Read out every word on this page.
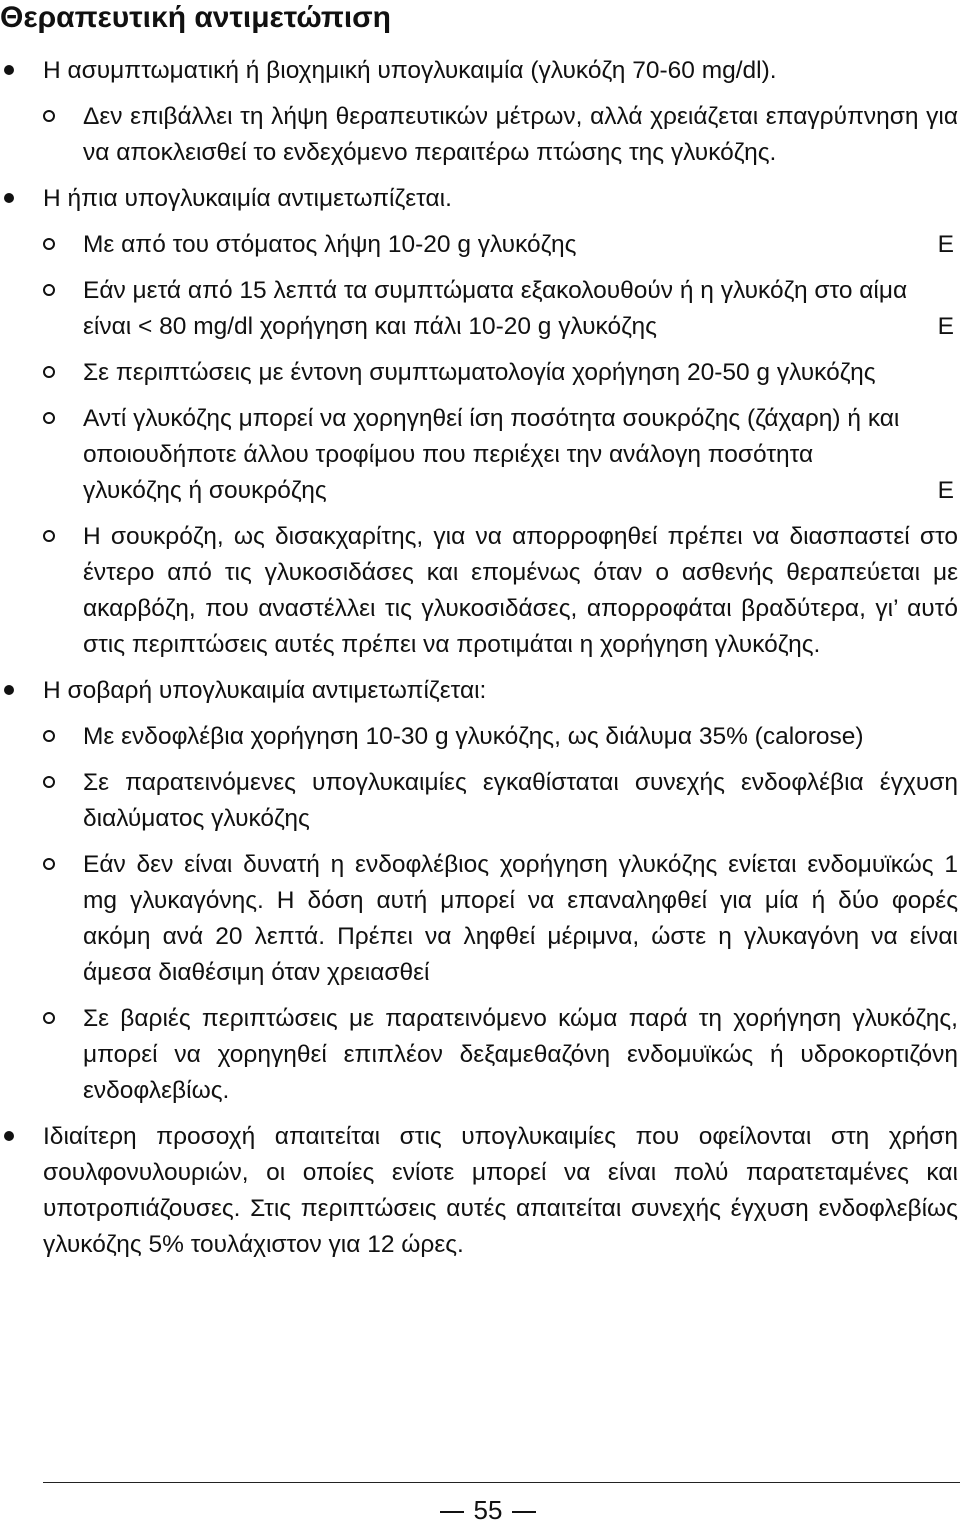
Θεραπευτική αντιμετώπιση
Η ασυμπτωματική ή βιοχημική υπογλυκαιμία (γλυκόζη 70-60 mg/dl).
Δεν επιβάλλει τη λήψη θεραπευτικών μέτρων, αλλά χρειάζεται επαγρύπνηση για να αποκλεισθεί το ενδεχόμενο περαιτέρω πτώσης της γλυκόζης.
Η ήπια υπογλυκαιμία αντιμετωπίζεται.
Με από του στόματος λήψη 10-20 g γλυκόζης	Ε
Εάν μετά από 15 λεπτά τα συμπτώματα εξακολουθούν ή η γλυκόζη στο αίμα είναι < 80 mg/dl χορήγηση και πάλι 10-20 g γλυκόζης	Ε
Σε περιπτώσεις με έντονη συμπτωματολογία χορήγηση 20-50 g γλυκόζης
Αντί γλυκόζης μπορεί να χορηγηθεί ίση ποσότητα σουκρόζης (ζάχαρη) ή και οποιουδήποτε άλλου τροφίμου που περιέχει την ανάλογη ποσότητα γλυκόζης ή σουκρόζης	Ε
Η σουκρόζη, ως δισακχαρίτης, για να απορροφηθεί πρέπει να διασπαστεί στο έντερο από τις γλυκοσιδάσες και επομένως όταν ο ασθενής θεραπεύεται με ακαρβόζη, που αναστέλλει τις γλυκοσιδάσες, απορροφάται βραδύτερα, γι’ αυτό στις περιπτώσεις αυτές πρέπει να προτιμάται η χορήγηση γλυκόζης.
Η σοβαρή υπογλυκαιμία αντιμετωπίζεται:
Με ενδοφλέβια χορήγηση 10-30 g γλυκόζης, ως διάλυμα 35% (calorose)
Σε παρατεινόμενες υπογλυκαιμίες εγκαθίσταται συνεχής ενδοφλέβια έγχυση διαλύματος γλυκόζης
Εάν δεν είναι δυνατή η ενδοφλέβιος χορήγηση γλυκόζης ενίεται ενδομυϊκώς 1 mg γλυκαγόνης. Η δόση αυτή μπορεί να επαναληφθεί για μία ή δύο φορές ακόμη ανά 20 λεπτά. Πρέπει να ληφθεί μέριμνα, ώστε η γλυκαγόνη να είναι άμεσα διαθέσιμη όταν χρειασθεί
Σε βαριές περιπτώσεις με παρατεινόμενο κώμα παρά τη χορήγηση γλυκόζης, μπορεί να χορηγηθεί επιπλέον δεξαμεθαζόνη ενδομυϊκώς ή υδροκορτιζόνη ενδοφλεβίως.
Ιδιαίτερη προσοχή απαιτείται στις υπογλυκαιμίες που οφείλονται στη χρήση σουλφονυλουριών, οι οποίες ενίοτε μπορεί να είναι πολύ παρατεταμένες και υποτροπιάζουσες. Στις περιπτώσεις αυτές απαιτείται συνεχής έγχυση ενδοφλεβίως γλυκόζης 5% τουλάχιστον για 12 ώρες.
55
